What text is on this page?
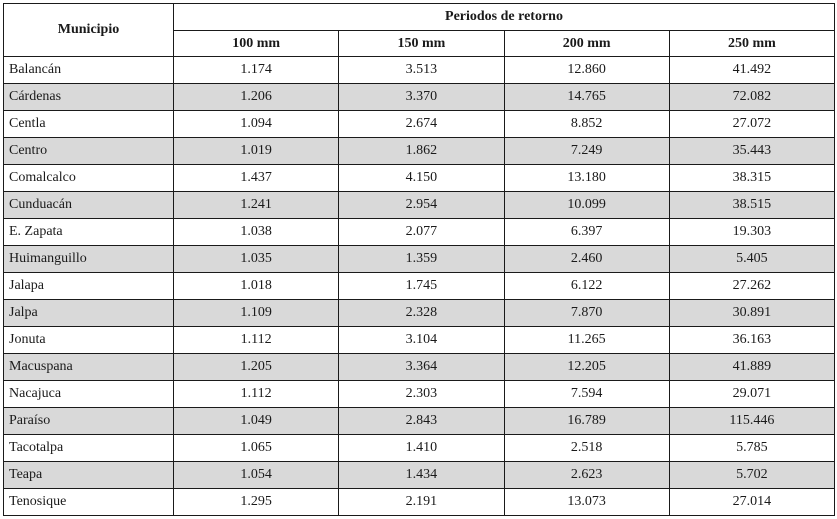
Municipio	Periodos de retorno			
	100 mm	150 mm	200 mm	250 mm
Balancán	1.174	3.513	12.860	41.492
Cárdenas	1.206	3.370	14.765	72.082
Centla	1.094	2.674	8.852	27.072
Centro	1.019	1.862	7.249	35.443
Comalcalco	1.437	4.150	13.180	38.315
Cunduacán	1.241	2.954	10.099	38.515
E. Zapata	1.038	2.077	6.397	19.303
Huimanguillo	1.035	1.359	2.460	5.405
Jalapa	1.018	1.745	6.122	27.262
Jalpa	1.109	2.328	7.870	30.891
Jonuta	1.112	3.104	11.265	36.163
Macuspana	1.205	3.364	12.205	41.889
Nacajuca	1.112	2.303	7.594	29.071
Paraíso	1.049	2.843	16.789	115.446
Tacotalpa	1.065	1.410	2.518	5.785
Teapa	1.054	1.434	2.623	5.702
Tenosique	1.295	2.191	13.073	27.014
